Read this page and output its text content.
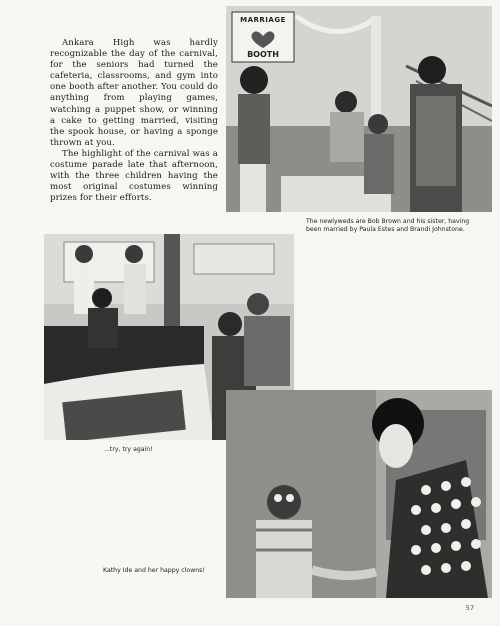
Ankara High was hardly recognizable the day of the carnival, for the seniors had turned the cafeteria, classrooms, and gym into one booth after another. You could do anything from playing games, watching a puppet show, or winning a cake to getting married, visiting the spook house, or having a sponge thrown at you.

The highlight of the carnival was a costume parade late that afternoon, with the three children having the most original costumes winning prizes for their efforts.

MARRIAGE
BOOTH
The newlyweds are Bob Brown and his sister, having been married by Paula Estes and Brandi Johnstone.
...try, try again!
Kathy Ide and her happy clowns!
57
